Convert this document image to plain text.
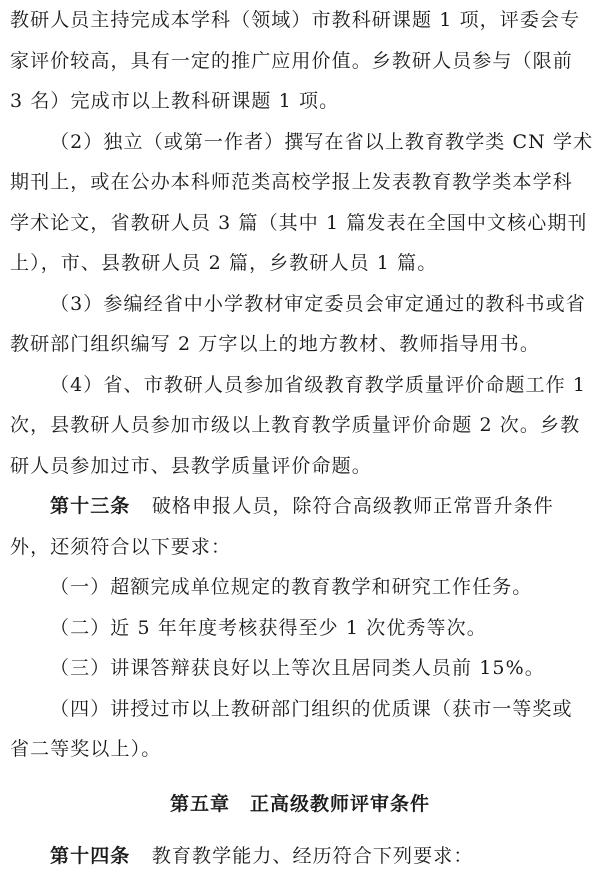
教研人员主持完成本学科（领域）市教科研课题 1 项，评委会专
家评价较高，具有一定的推广应用价值。乡教研人员参与（限前
3 名）完成市以上教科研课题 1 项。
（2）独立（或第一作者）撰写在省以上教育教学类 CN 学术
期刊上，或在公办本科师范类高校学报上发表教育教学类本学科
学术论文，省教研人员 3 篇（其中 1 篇发表在全国中文核心期刊
上），市、县教研人员 2 篇，乡教研人员 1 篇。
（3）参编经省中小学教材审定委员会审定通过的教科书或省
教研部门组织编写 2 万字以上的地方教材、教师指导用书。
（4）省、市教研人员参加省级教育教学质量评价命题工作 1
次，县教研人员参加市级以上教育教学质量评价命题 2 次。乡教
研人员参加过市、县教学质量评价命题。
第十三条 破格申报人员，除符合高级教师正常晋升条件
外，还须符合以下要求：
（一）超额完成单位规定的教育教学和研究工作任务。
（二）近 5 年年度考核获得至少 1 次优秀等次。
（三）讲课答辩获良好以上等次且居同类人员前 15%。
（四）讲授过市以上教研部门组织的优质课（获市一等奖或
省二等奖以上）。
第五章　正高级教师评审条件
第十四条 教育教学能力、经历符合下列要求：
